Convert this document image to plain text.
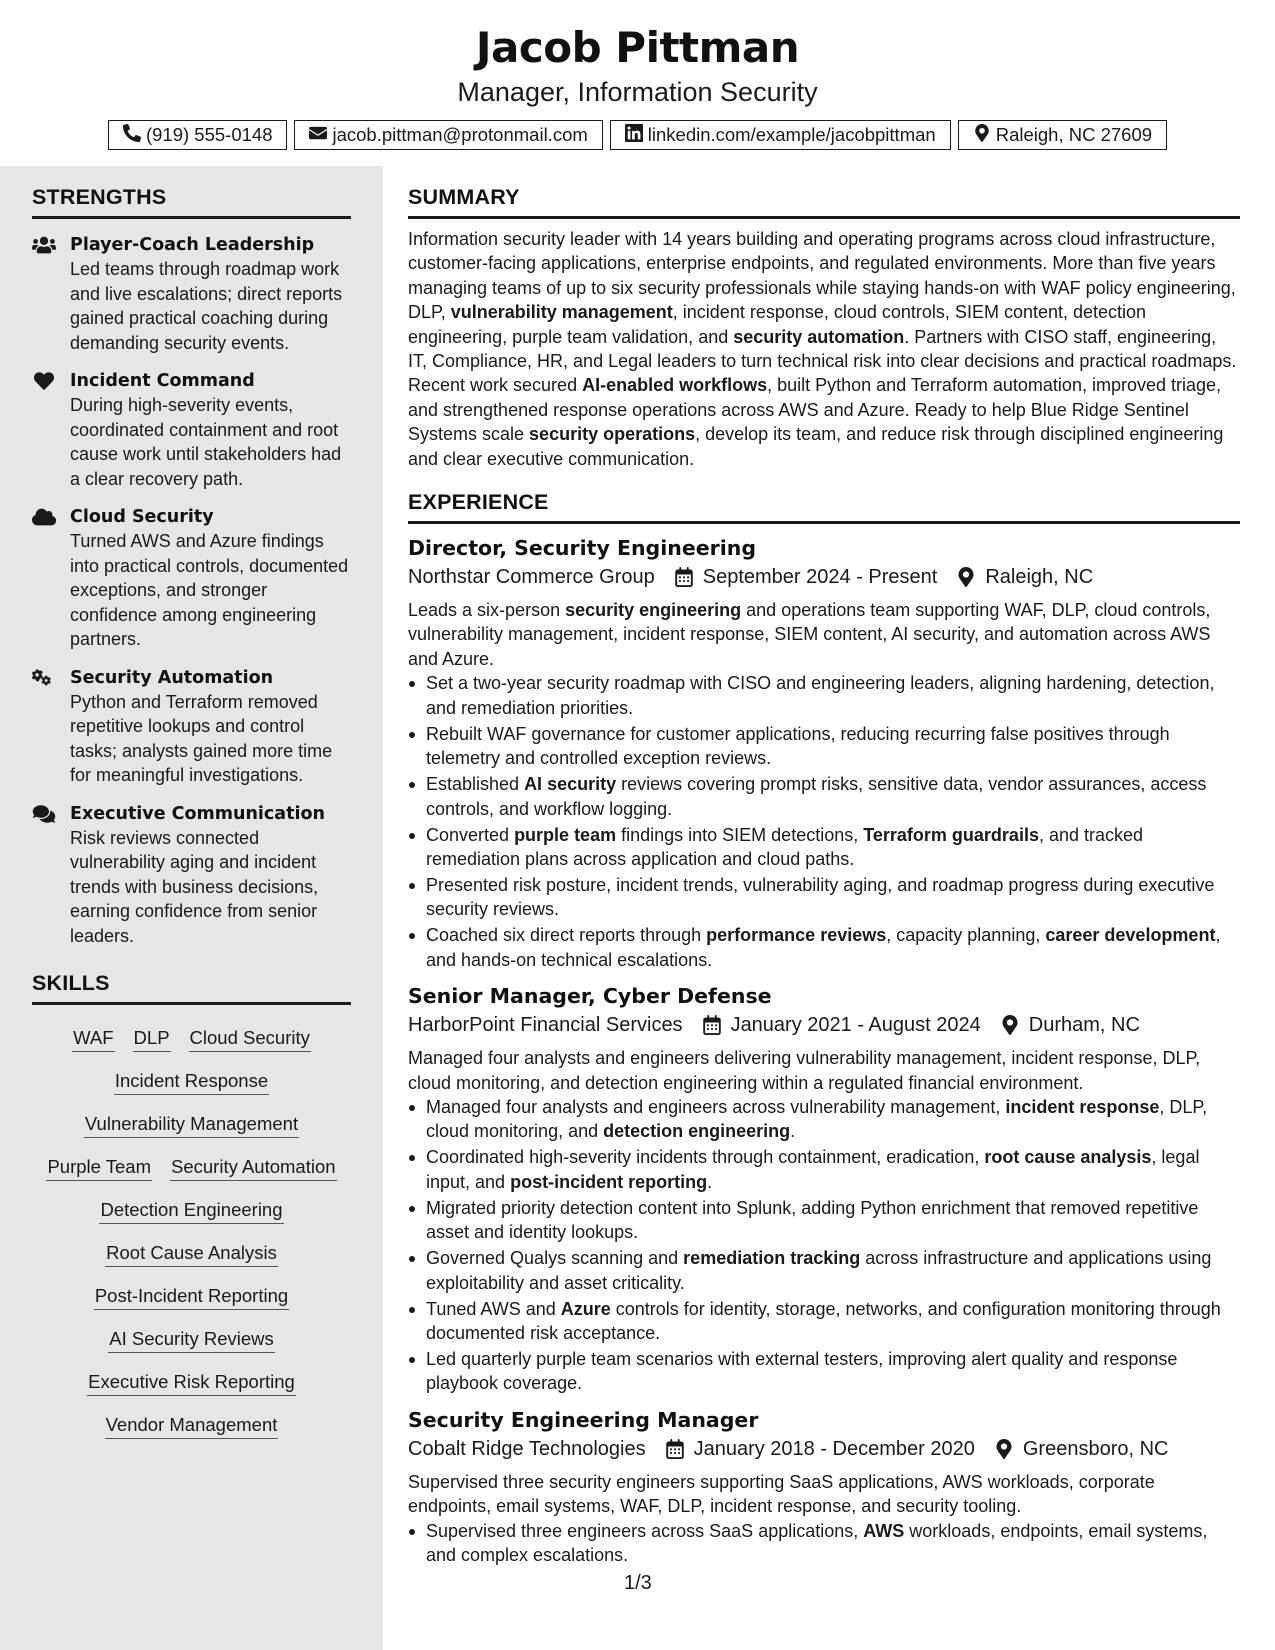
Jacob Pittman
Manager, Information Security
(919) 555-0148	jacob.pittman@protonmail.com	linkedin.com/example/jacobpittman	Raleigh, NC 27609
STRENGTHS
Player-Coach Leadership
Led teams through roadmap work and live escalations; direct reports gained practical coaching during demanding security events.
Incident Command
During high-severity events, coordinated containment and root cause work until stakeholders had a clear recovery path.
Cloud Security
Turned AWS and Azure findings into practical controls, documented exceptions, and stronger confidence among engineering partners.
Security Automation
Python and Terraform removed repetitive lookups and control tasks; analysts gained more time for meaningful investigations.
Executive Communication
Risk reviews connected vulnerability aging and incident trends with business decisions, earning confidence from senior leaders.
SKILLS
WAF DLP Cloud Security
Incident Response
Vulnerability Management
Purple Team Security Automation
Detection Engineering
Root Cause Analysis
Post-Incident Reporting
AI Security Reviews
Executive Risk Reporting
Vendor Management
SUMMARY

Information security leader with 14 years building and operating programs across cloud infrastructure, customer-facing applications, enterprise endpoints, and regulated environments. More than five years managing teams of up to six security professionals while staying hands-on with WAF policy engineering, DLP, vulnerability management, incident response, cloud controls, SIEM content, detection engineering, purple team validation, and security automation. Partners with CISO staff, engineering, IT, Compliance, HR, and Legal leaders to turn technical risk into clear decisions and practical roadmaps. Recent work secured AI-enabled workflows, built Python and Terraform automation, improved triage, and strengthened response operations across AWS and Azure. Ready to help Blue Ridge Sentinel Systems scale security operations, develop its team, and reduce risk through disciplined engineering and clear executive communication.

EXPERIENCE
Director, Security Engineering
Northstar Commerce Group September 2024 - Present Raleigh, NC

Leads a six-person security engineering and operations team supporting WAF, DLP, cloud controls, vulnerability management, incident response, SIEM content, AI security, and automation across AWS and Azure.

Set a two-year security roadmap with CISO and engineering leaders, aligning hardening, detection, and remediation priorities.
Rebuilt WAF governance for customer applications, reducing recurring false positives through telemetry and controlled exception reviews.
Established AI security reviews covering prompt risks, sensitive data, vendor assurances, access controls, and workflow logging.
Converted purple team findings into SIEM detections, Terraform guardrails, and tracked remediation plans across application and cloud paths.
Presented risk posture, incident trends, vulnerability aging, and roadmap progress during executive security reviews.
Coached six direct reports through performance reviews, capacity planning, career development, and hands-on technical escalations.
Senior Manager, Cyber Defense
HarborPoint Financial Services January 2021 - August 2024 Durham, NC

Managed four analysts and engineers delivering vulnerability management, incident response, DLP, cloud monitoring, and detection engineering within a regulated financial environment.

Managed four analysts and engineers across vulnerability management, incident response, DLP, cloud monitoring, and detection engineering.
Coordinated high-severity incidents through containment, eradication, root cause analysis, legal input, and post-incident reporting.
Migrated priority detection content into Splunk, adding Python enrichment that removed repetitive asset and identity lookups.
Governed Qualys scanning and remediation tracking across infrastructure and applications using exploitability and asset criticality.
Tuned AWS and Azure controls for identity, storage, networks, and configuration monitoring through documented risk acceptance.
Led quarterly purple team scenarios with external testers, improving alert quality and response playbook coverage.
Security Engineering Manager
Cobalt Ridge Technologies January 2018 - December 2020 Greensboro, NC

Supervised three security engineers supporting SaaS applications, AWS workloads, corporate endpoints, email systems, WAF, DLP, incident response, and security tooling.

Supervised three engineers across SaaS applications, AWS workloads, endpoints, email systems, and complex escalations.
1/3
